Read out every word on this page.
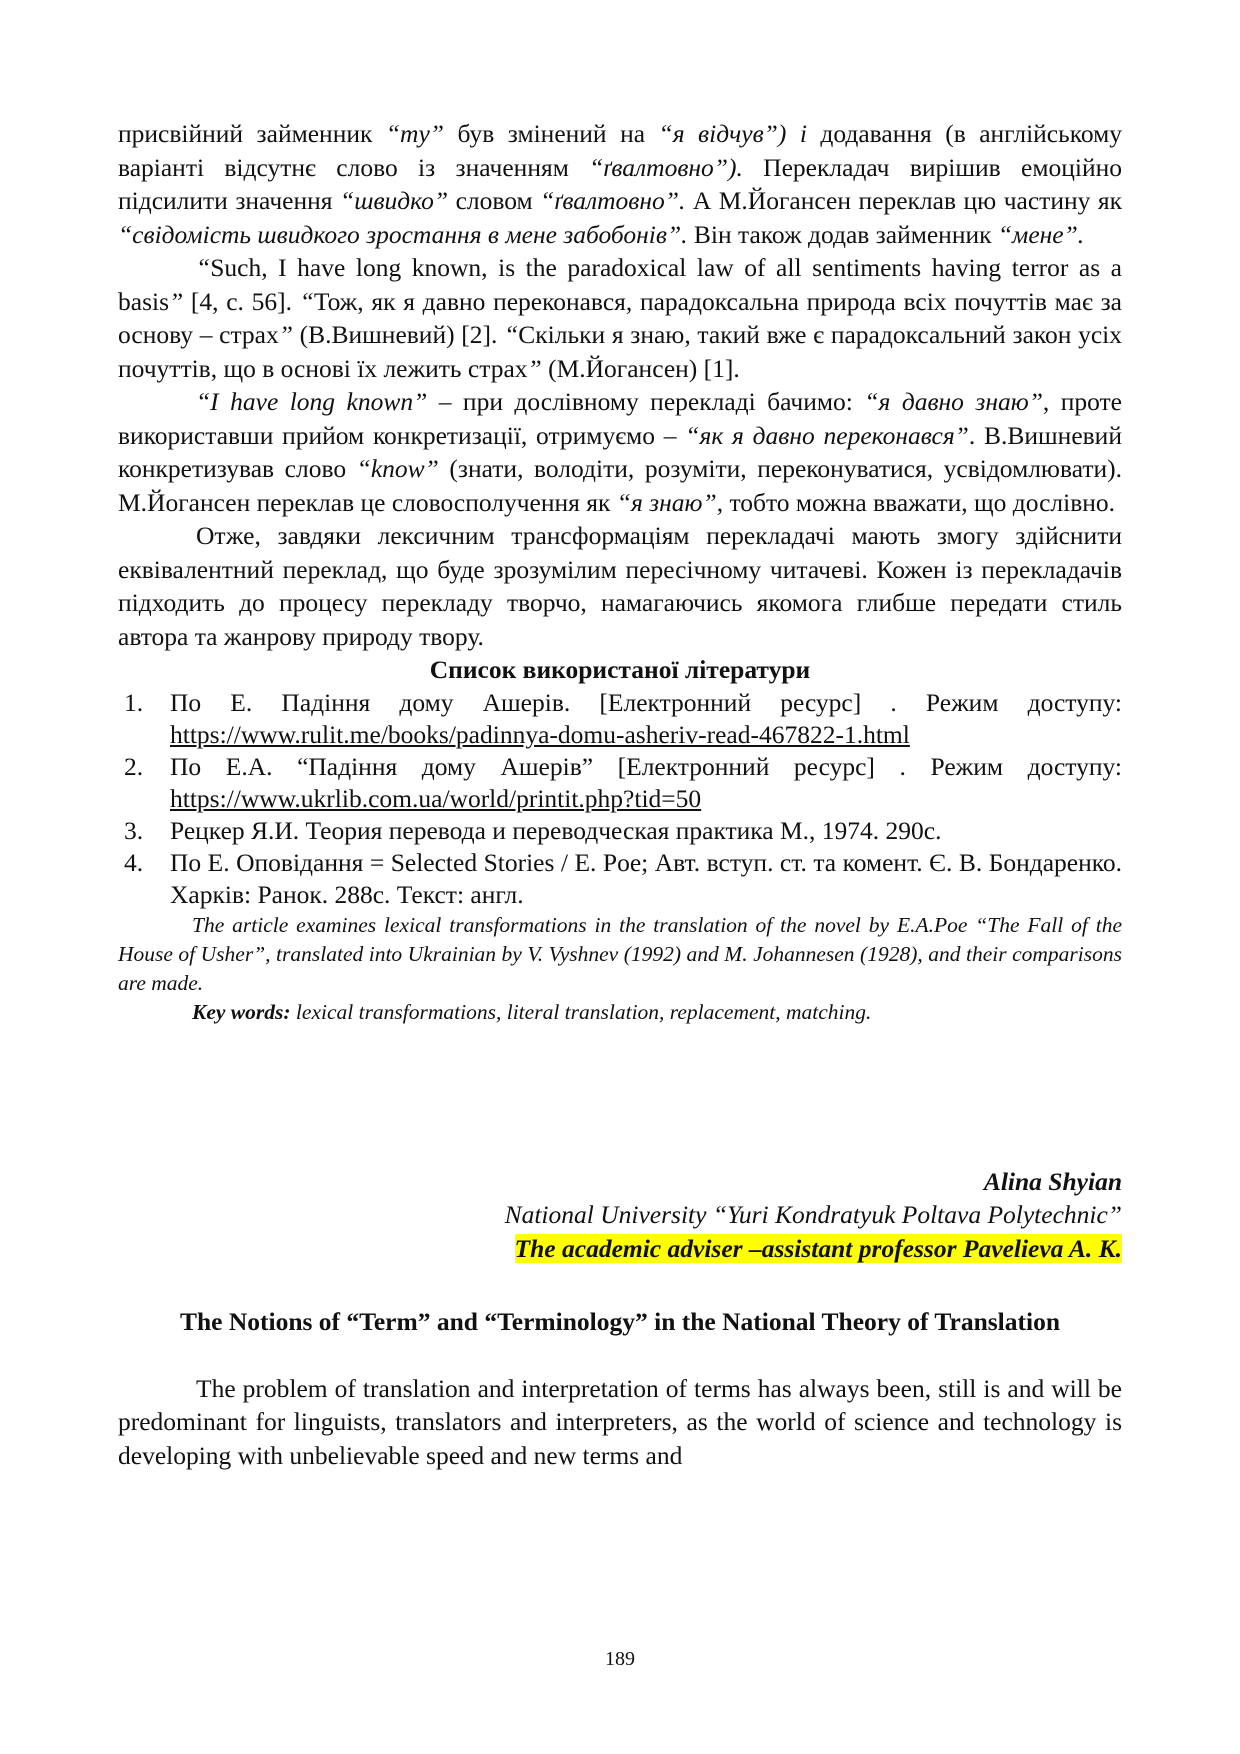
присвійний займенник “my” був змінений на “я відчув”) і додавання (в англійському варіанті відсутнє слово із значенням “ґвалтовно”). Перекладач вирішив емоційно підсилити значення “швидко” словом “ґвалтовно”. А М.Йогансен переклав цю частину як “свідомість швидкого зростання в мене забобонів”. Він також додав займенник “мене”.

“Such, I have long known, is the paradoxical law of all sentiments having terror as a basis” [4, с. 56]. “Тож, як я давно переконався, парадоксальна природа всіх почуттів має за основу – страх” (В.Вишневий) [2]. “Скільки я знаю, такий вже є парадоксальний закон усіх почуттів, що в основі їх лежить страх” (М.Йогансен) [1].

“I have long known” – при дослівному перекладі бачимо: “я давно знаю”, проте використавши прийом конкретизації, отримуємо – “як я давно переконався”. В.Вишневий конкретизував слово “know” (знати, володіти, розуміти, переконуватися, усвідомлювати). М.Йогансен переклав це словосполучення як “я знаю”, тобто можна вважати, що дослівно.

Отже, завдяки лексичним трансформаціям перекладачі мають змогу здійснити еквівалентний переклад, що буде зрозумілим пересічному читачеві. Кожен із перекладачів підходить до процесу перекладу творчо, намагаючись якомога глибше передати стиль автора та жанрову природу твору.

Список використаної літератури

1. По Е. Падіння дому Ашерів. [Електронний ресурс] . Режим доступу: https://www.rulit.me/books/padinnya-domu-asheriv-read-467822-1.html
2. По Е.А. “Падіння дому Ашерів” [Електронний ресурс] . Режим доступу: https://www.ukrlib.com.ua/world/printit.php?tid=50
3. Рецкер Я.И. Теория перевода и переводческая практика М., 1974. 290с.
4. По Е. Оповідання = Selected Stories / E. Poe; Авт. вступ. ст. та комент. Є. В. Бондаренко. Харків: Ранок. 288с. Текст: англ.

The article examines lexical transformations in the translation of the novel by E.A.Poe “The Fall of the House of Usher”, translated into Ukrainian by V. Vyshnev (1992) and M. Johannesen (1928), and their comparisons are made.

Key words: lexical transformations, literal translation, replacement, matching.

Alina Shyian
National University “Yuri Kondratyuk Poltava Polytechnic”
The academic adviser –assistant professor Pavelieva A. K.
The Notions of “Term” and “Terminology” in the National Theory of Translation

The problem of translation and interpretation of terms has always been, still is and will be predominant for linguists, translators and interpreters, as the world of science and technology is developing with unbelievable speed and new terms and

189
